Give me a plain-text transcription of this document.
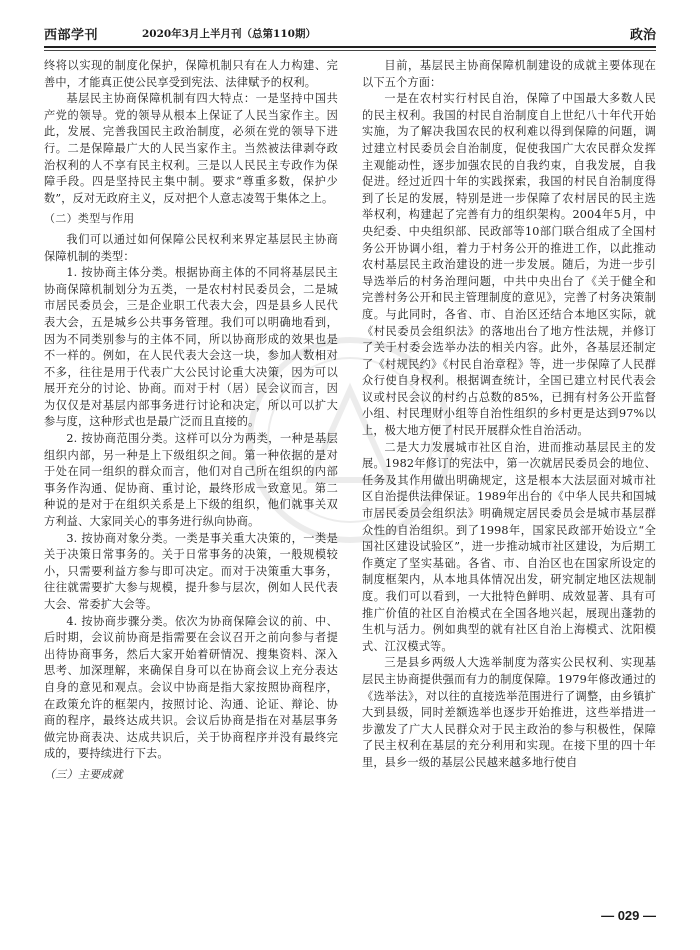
西部学刊	2020年3月上半月刊（总第110期）	政治

终将以实现的制度化保护，保障机制只有在人力构建、完善中，才能真正使公民享受到宪法、法律赋予的权利。

基层民主协商保障机制有四大特点：一是坚持中国共产党的领导。党的领导从根本上保证了人民当家作主。因此，发展、完善我国民主政治制度，必须在党的领导下进行。二是保障最广大的人民当家作主。当然被法律剥夺政治权利的人不享有民主权利。三是以人民民主专政作为保障手段。四是坚持民主集中制。要求“尊重多数，保护少数”，反对无政府主义，反对把个人意志凌驾于集体之上。

（二）类型与作用

我们可以通过如何保障公民权利来界定基层民主协商保障机制的类型：

1. 按协商主体分类。根据协商主体的不同将基层民主协商保障机制划分为五类，一是农村村民委员会，二是城市居民委员会，三是企业职工代表大会，四是县乡人民代表大会，五是城乡公共事务管理。我们可以明确地看到，因为不同类别参与的主体不同，所以协商形成的效果也是不一样的。例如，在人民代表大会这一块，参加人数相对不多，往往是用于代表广大公民讨论重大决策，因为可以展开充分的讨论、协商。而对于村（居）民会议而言，因为仅仅是对基层内部事务进行讨论和决定，所以可以扩大参与度，这种形式也是最广泛而且直接的。

2. 按协商范围分类。这样可以分为两类，一种是基层组织内部，另一种是上下级组织之间。第一种依据的是对于处在同一组织的群众而言，他们对自己所在组织的内部事务作沟通、促协商、重讨论，最终形成一致意见。第二种说的是对于在组织关系是上下级的组织，他们就事关双方利益、大家同关心的事务进行纵向协商。

3. 按协商对象分类。一类是事关重大决策的，一类是关于决策日常事务的。关于日常事务的决策，一般规模较小，只需要利益方参与即可决定。而对于决策重大事务，往往就需要扩大参与规模，提升参与层次，例如人民代表大会、常委扩大会等。

4. 按协商步骤分类。依次为协商保障会议的前、中、后时期，会议前协商是指需要在会议召开之前向参与者提出待协商事务，然后大家开始着研情况、搜集资料、深入思考、加深理解，来确保自身可以在协商会议上充分表达自身的意见和观点。会议中协商是指大家按照协商程序，在政策允许的框架内，按照讨论、沟通、论证、辩论、协商的程序，最终达成共识。会议后协商是指在对基层事务做完协商表决、达成共识后，关于协商程序并没有最终完成的，要持续进行下去。

（三）主要成就

目前，基层民主协商保障机制建设的成就主要体现在以下五个方面：

一是在农村实行村民自治，保障了中国最大多数人民的民主权利。我国的村民自治制度自上世纪八十年代开始实施，为了解决我国农民的权利难以得到保障的问题，调过建立村民委员会自治制度，促使我国广大农民群众发挥主观能动性，逐步加强农民的自我约束，自我发展，自我促进。经过近四十年的实践探索，我国的村民自治制度得到了长足的发展，特别是进一步保障了农村居民的民主选举权利，构建起了完善有力的组织架构。2004年5月，中央纪委、中央组织部、民政部等10部门联合组成了全国村务公开协调小组，着力于村务公开的推进工作，以此推动农村基层民主政治建设的进一步发展。随后，为进一步引导选举后的村务治理问题，中共中央出台了《关于健全和完善村务公开和民主管理制度的意见》，完善了村务决策制度。与此同时，各省、市、自治区还结合本地区实际，就《村民委员会组织法》的落地出台了地方性法规，并修订了关于村委会选举办法的相关内容。此外，各基层还制定了《村规民约》《村民自治章程》等，进一步保障了人民群众行使自身权利。根据调查统计，全国已建立村民代表会议或村民会议的村约占总数的85%，已拥有村务公开监督小组、村民理财小组等自治性组织的乡村更是达到97%以上，极大地方便了村民开展群众性自治活动。

二是大力发展城市社区自治，进而推动基层民主的发展。1982年修订的宪法中，第一次就居民委员会的地位、任务及其作用做出明确规定，这是根本大法层面对城市社区自治提供法律保证。1989年出台的《中华人民共和国城市居民委员会组织法》明确规定居民委员会是城市基层群众性的自治组织。到了1998年，国家民政部开始设立“全国社区建设试验区”，进一步推动城市社区建设，为后期工作奠定了坚实基础。各省、市、自治区也在国家所设定的制度框架内，从本地具体情况出发，研究制定地区法规制度。我们可以看到，一大批特色鲜明、成效显著、具有可推广价值的社区自治模式在全国各地兴起，展现出蓬勃的生机与活力。例如典型的就有社区自治上海模式、沈阳模式、江汉模式等。

三是县乡两级人大选举制度为落实公民权利、实现基层民主协商提供强而有力的制度保障。1979年修改通过的《选举法》，对以往的直接选举范围进行了调整，由乡镇扩大到县级，同时差额选举也逐步开始推进，这些举措进一步激发了广大人民群众对于民主政治的参与积极性，保障了民主权利在基层的充分利用和实现。在接下里的四十年里，县乡一级的基层公民越来越多地行使自

— 029 —
